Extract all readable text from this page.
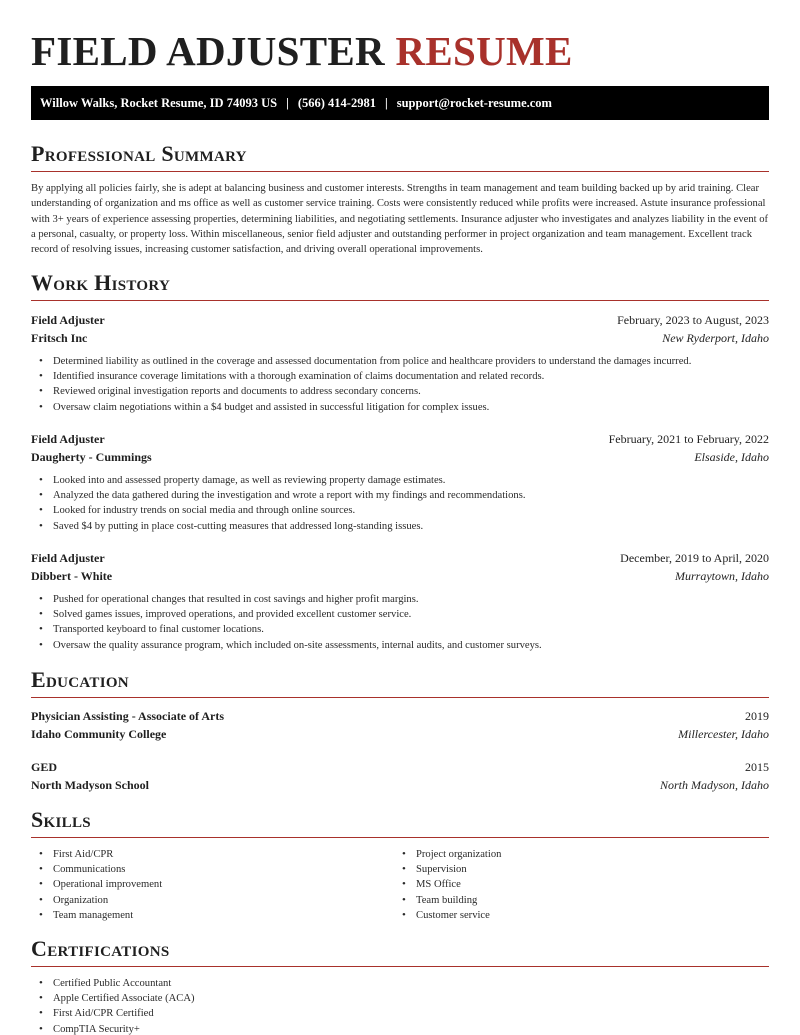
FIELD ADJUSTER RESUME
Willow Walks, Rocket Resume, ID 74093 US | (566) 414-2981 | support@rocket-resume.com
Professional Summary
By applying all policies fairly, she is adept at balancing business and customer interests. Strengths in team management and team building backed up by arid training. Clear understanding of organization and ms office as well as customer service training. Costs were consistently reduced while profits were increased. Astute insurance professional with 3+ years of experience assessing properties, determining liabilities, and negotiating settlements. Insurance adjuster who investigates and analyzes liability in the event of a personal, casualty, or property loss. Within miscellaneous, senior field adjuster and outstanding performer in project organization and team management. Excellent track record of resolving issues, increasing customer satisfaction, and driving overall operational improvements.
Work History
Field Adjuster	February, 2023 to August, 2023
Fritsch Inc	New Ryderport, Idaho
• Determined liability as outlined in the coverage and assessed documentation from police and healthcare providers to understand the damages incurred.
• Identified insurance coverage limitations with a thorough examination of claims documentation and related records.
• Reviewed original investigation reports and documents to address secondary concerns.
• Oversaw claim negotiations within a $4 budget and assisted in successful litigation for complex issues.
Field Adjuster	February, 2021 to February, 2022
Daugherty - Cummings	Elsaside, Idaho
• Looked into and assessed property damage, as well as reviewing property damage estimates.
• Analyzed the data gathered during the investigation and wrote a report with my findings and recommendations.
• Looked for industry trends on social media and through online sources.
• Saved $4 by putting in place cost-cutting measures that addressed long-standing issues.
Field Adjuster	December, 2019 to April, 2020
Dibbert - White	Murraytown, Idaho
• Pushed for operational changes that resulted in cost savings and higher profit margins.
• Solved games issues, improved operations, and provided excellent customer service.
• Transported keyboard to final customer locations.
• Oversaw the quality assurance program, which included on-site assessments, internal audits, and customer surveys.
Education
Physician Assisting - Associate of Arts	2019
Idaho Community College	Millercester, Idaho
GED	2015
North Madyson School	North Madyson, Idaho
Skills
• First Aid/CPR
• Communications
• Operational improvement
• Organization
• Team management
• Project organization
• Supervision
• MS Office
• Team building
• Customer service
Certifications
• Certified Public Accountant
• Apple Certified Associate (ACA)
• First Aid/CPR Certified
• CompTIA Security+
